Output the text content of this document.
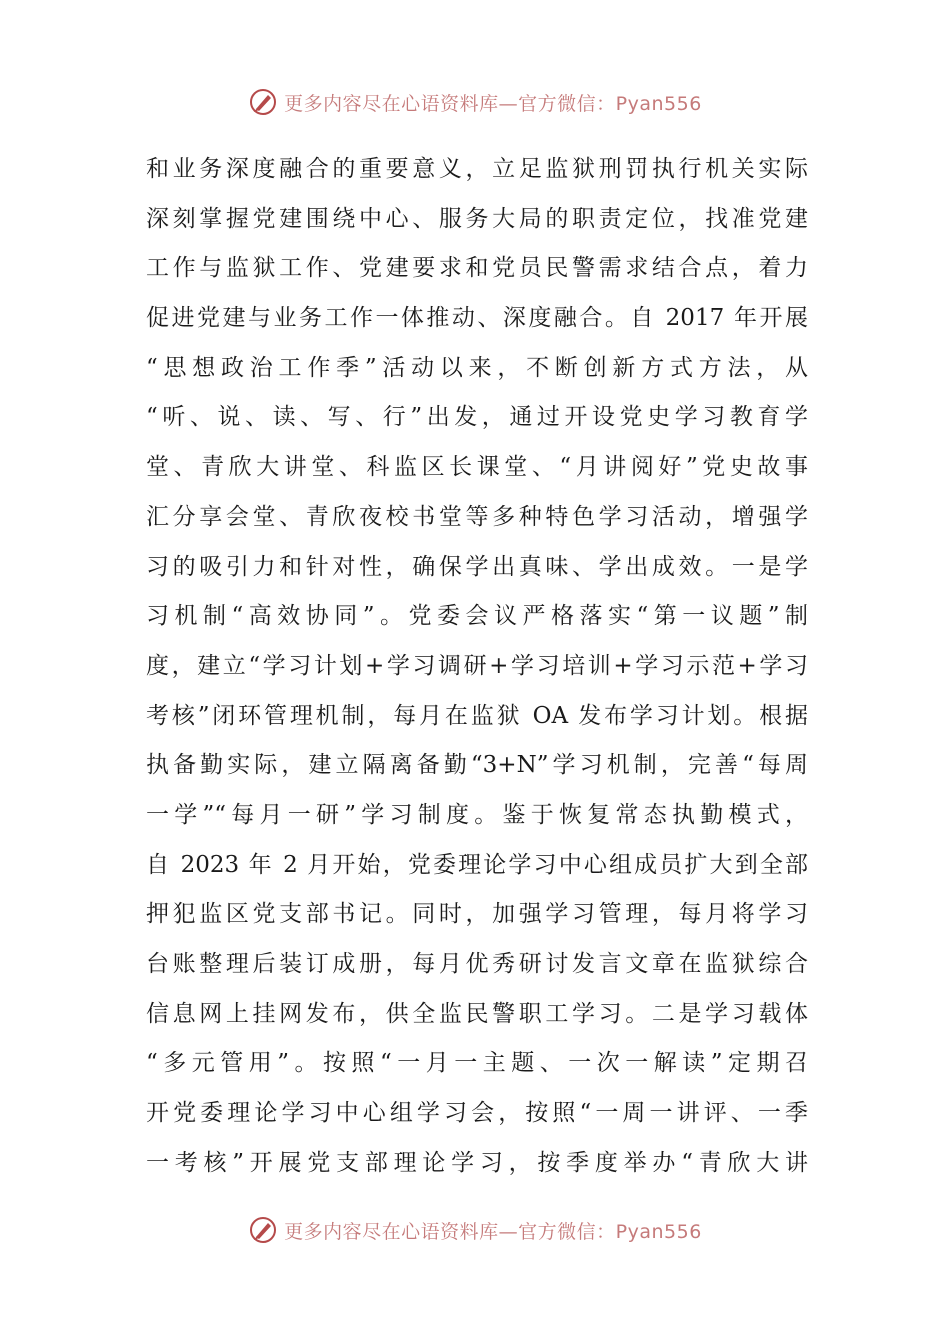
更多内容尽在心语资料库—官方微信：Pyan556
和业务深度融合的重要意义，立足监狱刑罚执行机关实际
深刻掌握党建围绕中心、服务大局的职责定位，找准党建
工作与监狱工作、党建要求和党员民警需求结合点，着力
促进党建与业务工作一体推动、深度融合。自 2017 年开展
“思想政治工作季”活动以来，不断创新方式方法，从
“听、说、读、写、行”出发，通过开设党史学习教育学
堂、青欣大讲堂、科监区长课堂、“月讲阅好”党史故事
汇分享会堂、青欣夜校书堂等多种特色学习活动，增强学
习的吸引力和针对性，确保学出真味、学出成效。一是学
习机制“高效协同”。党委会议严格落实“第一议题”制
度，建立“学习计划+学习调研+学习培训+学习示范+学习
考核”闭环管理机制，每月在监狱 OA 发布学习计划。根据
执备勤实际，建立隔离备勤“3+N”学习机制，完善“每周
一学”“每月一研”学习制度。鉴于恢复常态执勤模式，
自 2023 年 2 月开始，党委理论学习中心组成员扩大到全部
押犯监区党支部书记。同时，加强学习管理，每月将学习
台账整理后装订成册，每月优秀研讨发言文章在监狱综合
信息网上挂网发布，供全监民警职工学习。二是学习载体
“多元管用”。按照“一月一主题、一次一解读”定期召
开党委理论学习中心组学习会，按照“一周一讲评、一季
一考核”开展党支部理论学习，按季度举办“青欣大讲
更多内容尽在心语资料库—官方微信：Pyan556
